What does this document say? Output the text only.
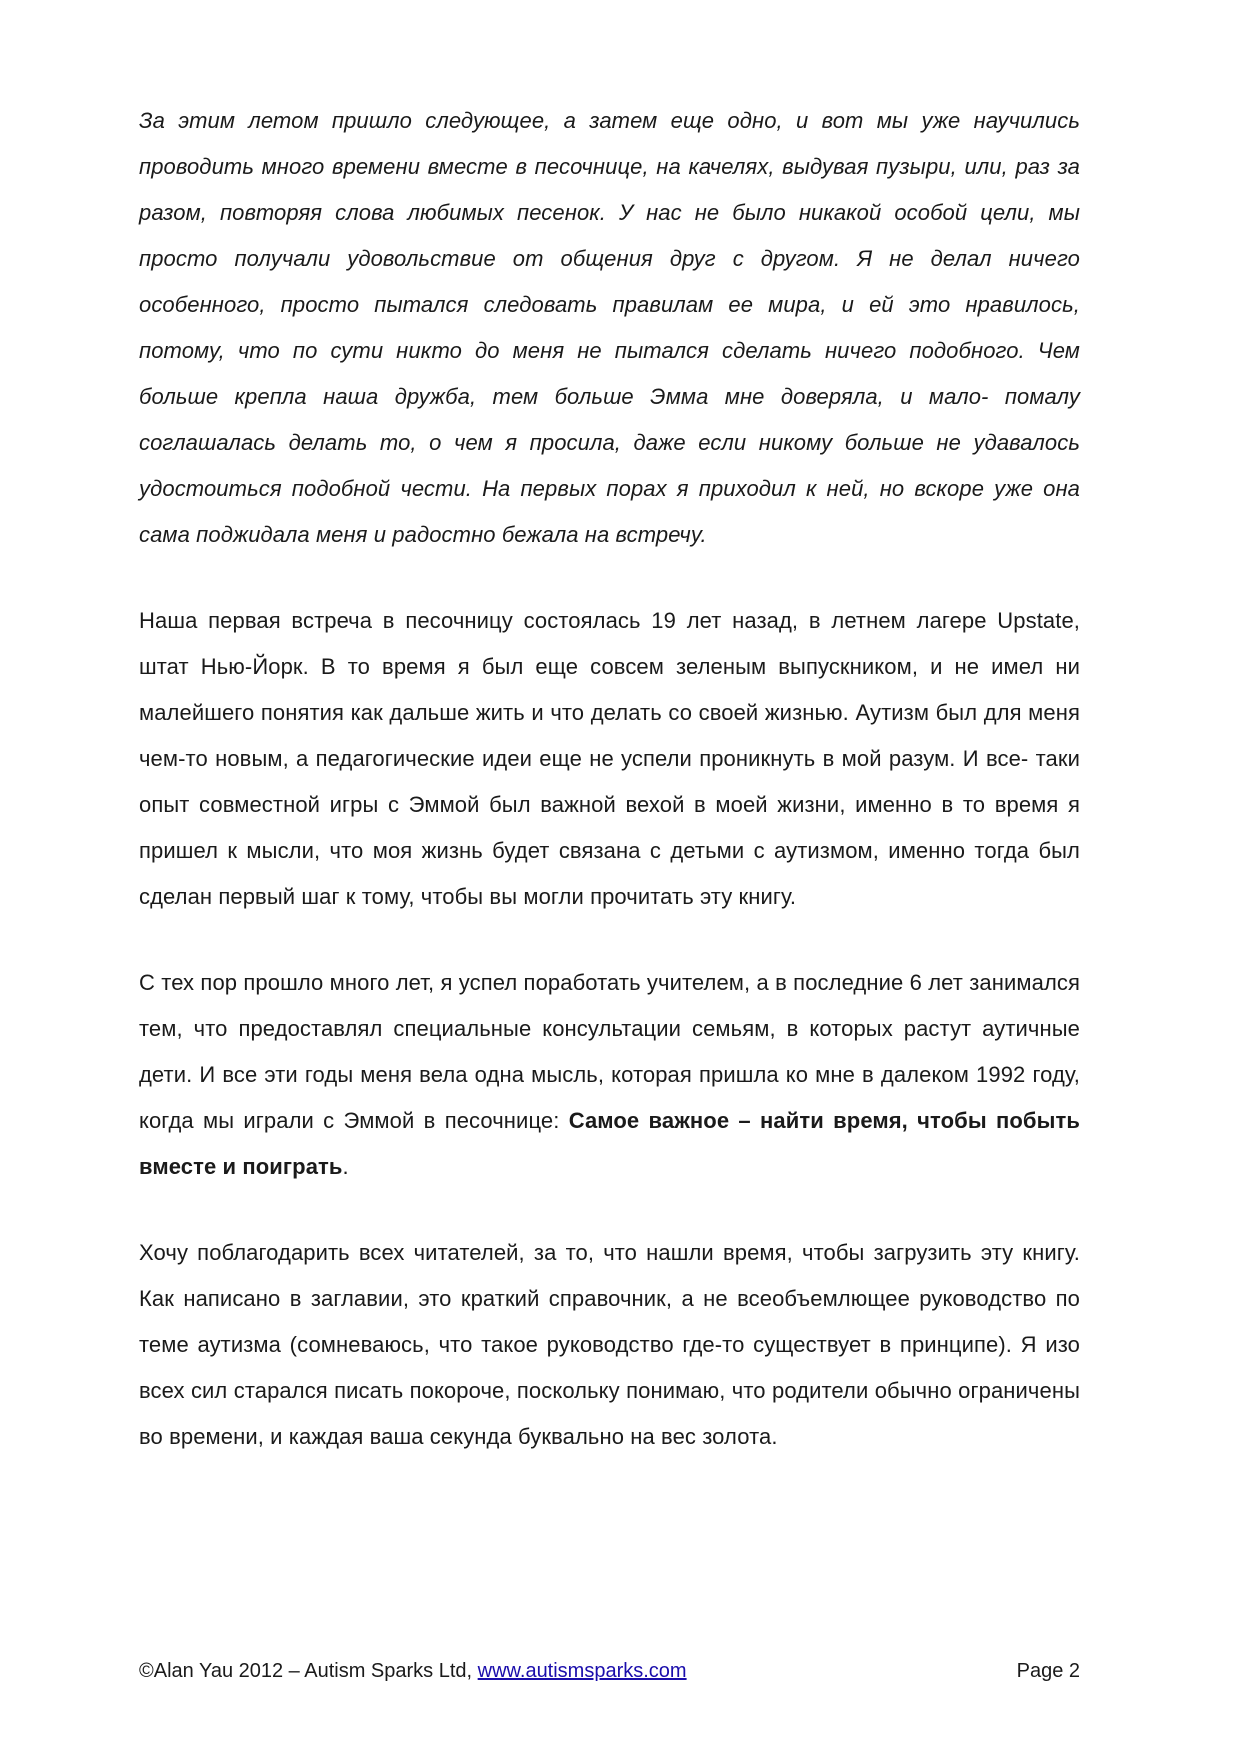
За этим летом пришло следующее, а затем еще одно, и вот мы уже научились проводить много времени вместе в песочнице, на качелях, выдувая пузыри, или, раз за разом, повторяя слова любимых песенок. У нас не было никакой особой цели, мы просто получали удовольствие от общения друг с другом. Я не делал ничего особенного, просто пытался следовать правилам ее мира, и ей это нравилось, потому, что по сути никто до меня не пытался сделать ничего подобного. Чем больше крепла наша дружба, тем больше Эмма мне доверяла, и мало- помалу соглашалась делать то, о чем я просила, даже если никому больше не удавалось удостоиться подобной чести. На первых порах я приходил к ней, но вскоре уже она сама поджидала меня и радостно бежала на встречу.

Наша первая встреча в песочницу состоялась 19 лет назад, в летнем лагере Upstate, штат Нью-Йорк. В то время я был еще совсем зеленым выпускником, и не имел ни малейшего понятия как дальше жить и что делать со своей жизнью. Аутизм был для меня чем-то новым, а педагогические идеи еще не успели проникнуть в мой разум. И все- таки опыт совместной игры с Эммой был важной вехой в моей жизни, именно в то время я пришел к мысли, что моя жизнь будет связана с детьми с аутизмом, именно тогда был сделан первый шаг к тому, чтобы вы могли прочитать эту книгу.

С тех пор прошло много лет, я успел поработать учителем, а в последние 6 лет занимался тем, что предоставлял специальные консультации семьям, в которых растут аутичные дети. И все эти годы меня вела одна мысль, которая пришла ко мне в далеком 1992 году, когда мы играли с Эммой в песочнице: Самое важное – найти время, чтобы побыть вместе и поиграть.

Хочу поблагодарить всех читателей, за то, что нашли время, чтобы загрузить эту книгу. Как написано в заглавии, это краткий справочник, а не всеобъемлющее руководство по теме аутизма (сомневаюсь, что такое руководство где-то существует в принципе). Я изо всех сил старался писать покороче, поскольку понимаю, что родители обычно ограничены во времени, и каждая ваша секунда буквально на вес золота.

©Alan Yau 2012 – Autism Sparks Ltd, www.autismsparks.com	Page 2
